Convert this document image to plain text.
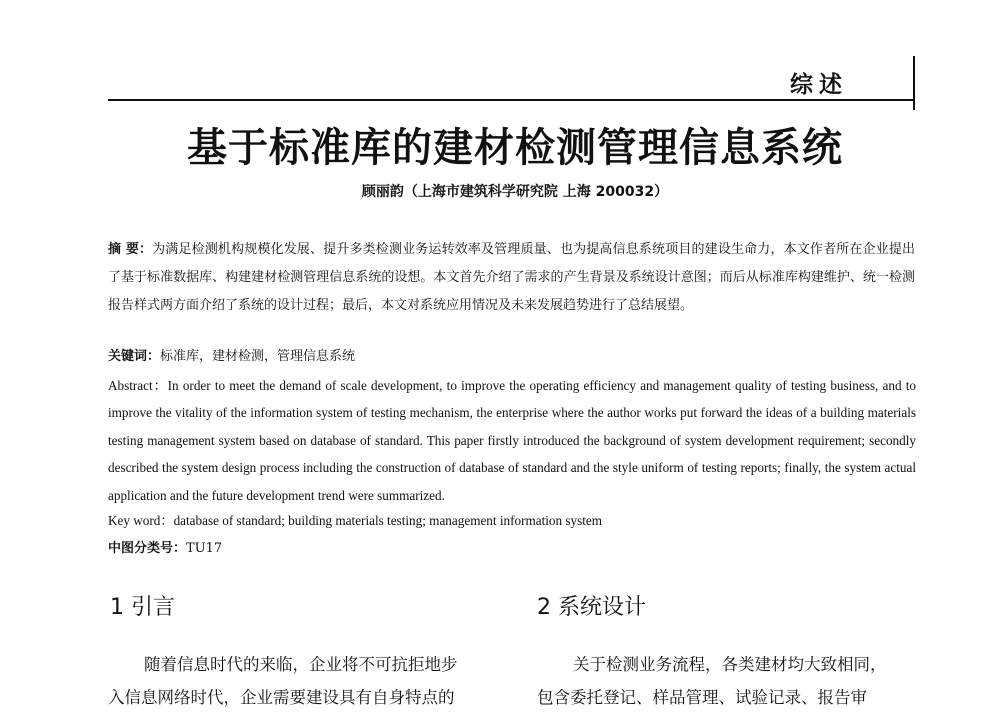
综述
基于标准库的建材检测管理信息系统
顾丽韵（上海市建筑科学研究院 上海 200032）
摘 要：为满足检测机构规模化发展、提升多类检测业务运转效率及管理质量、也为提高信息系统项目的建设生命力，本文作者所在企业提出了基于标准数据库、构建建材检测管理信息系统的设想。本文首先介绍了需求的产生背景及系统设计意图；而后从标准库构建维护、统一检测报告样式两方面介绍了系统的设计过程；最后，本文对系统应用情况及未来发展趋势进行了总结展望。
关键词：标准库，建材检测，管理信息系统
Abstract：In order to meet the demand of scale development, to improve the operating efficiency and management quality of testing business, and to improve the vitality of the information system of testing mechanism, the enterprise where the author works put forward the ideas of a building materials testing management system based on database of standard. This paper firstly introduced the background of system development requirement; secondly described the system design process including the construction of database of standard and the style uniform of testing reports; finally, the system actual application and the future development trend were summarized.
Key word：database of standard; building materials testing; management information system
中图分类号：TU17
1 引言	2 系统设计
随着信息时代的来临，企业将不可抗拒地步
入信息网络时代，企业需要建设具有自身特点的
关于检测业务流程，各类建材均大致相同，
包含委托登记、样品管理、试验记录、报告审
